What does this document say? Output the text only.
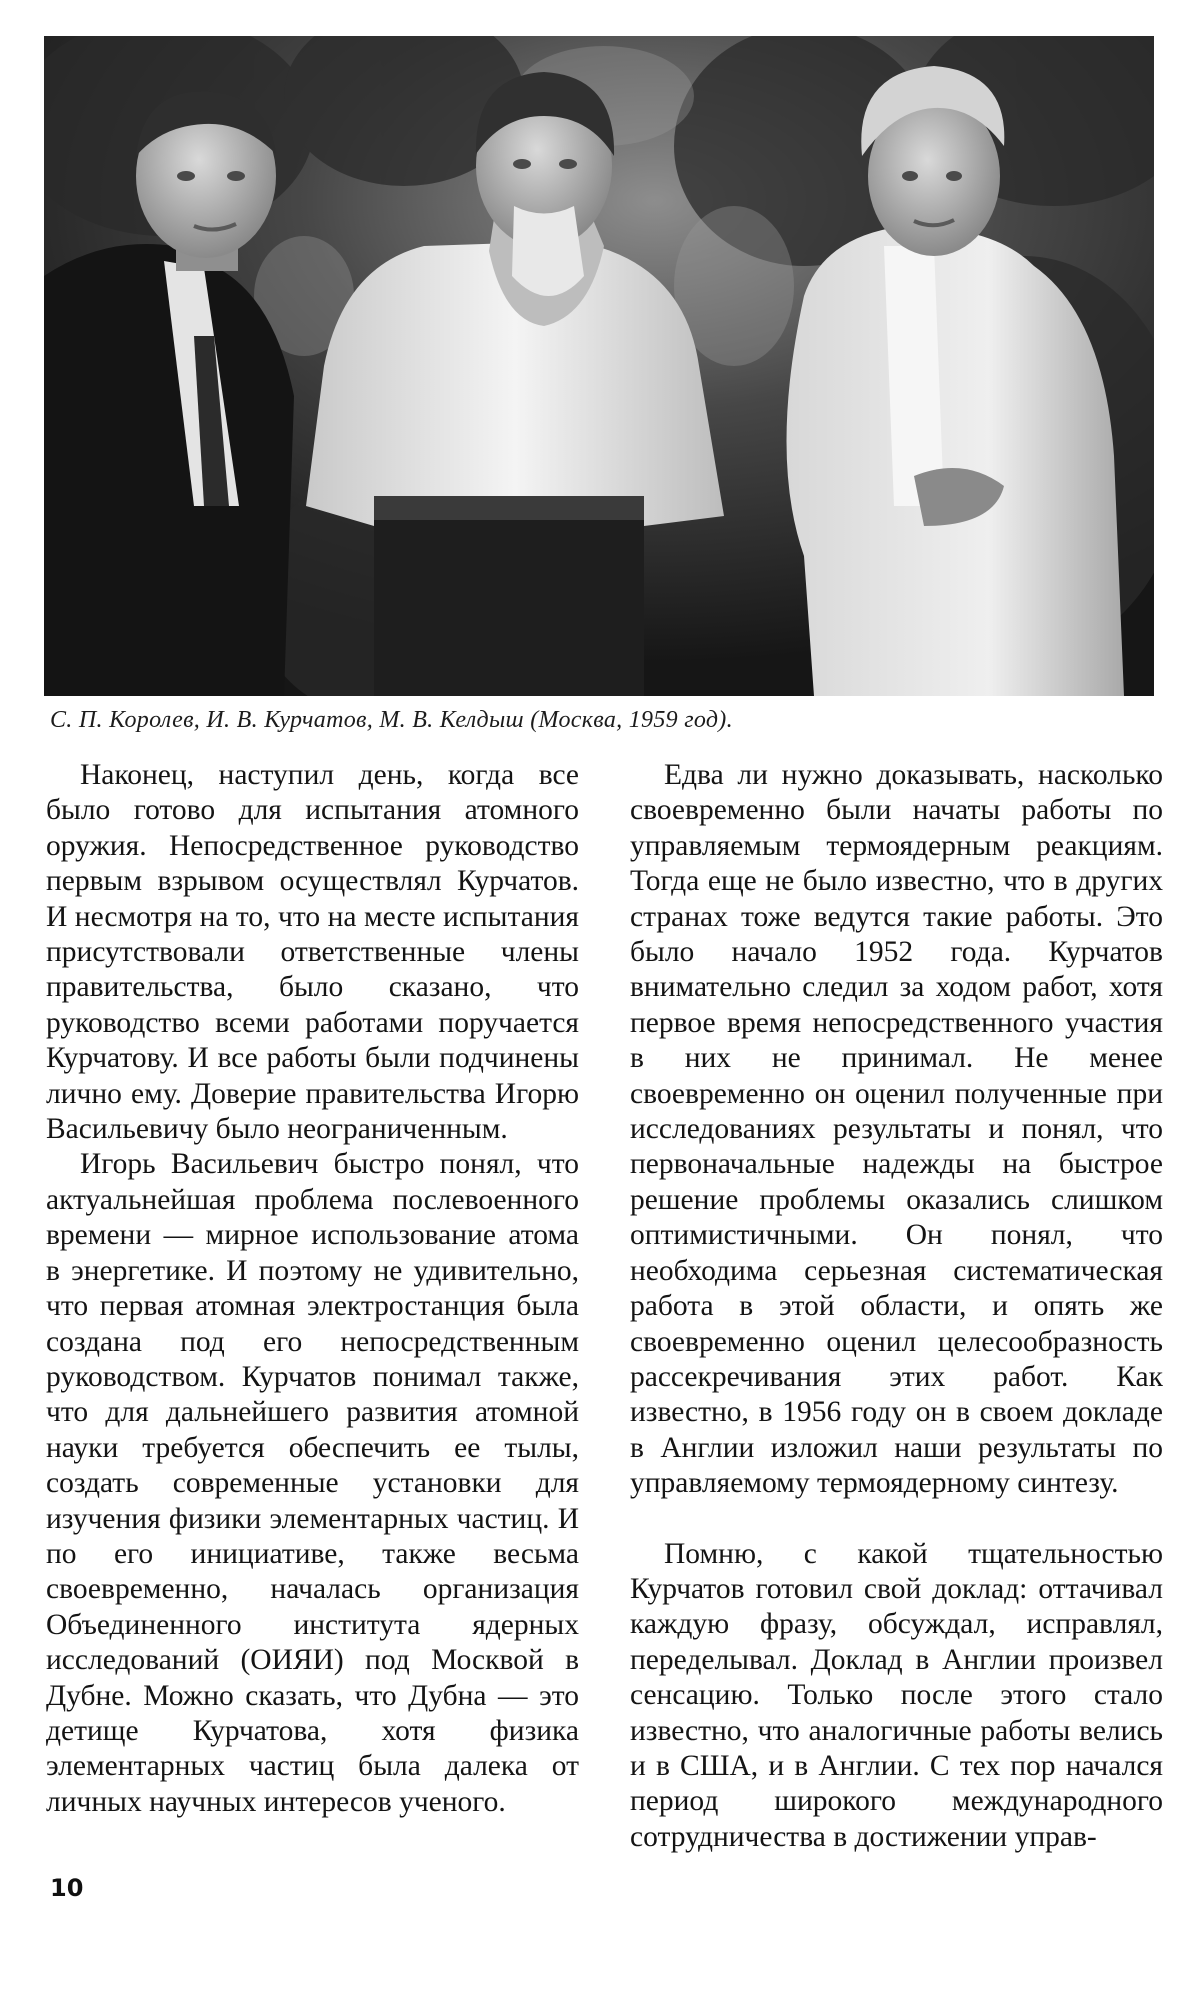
С. П. Королев, И. В. Курчатов, М. В. Келдыш (Москва, 1959 год).

Наконец, наступил день, когда все было готово для испытания атомного оружия. Непосредственное руководство первым взрывом осуществлял Курчатов. И несмотря на то, что на месте испытания присутствовали ответственные члены правительства, было сказано, что руководство всеми работами поручается Курчатову. И все работы были подчинены лично ему. Доверие правительства Игорю Васильевичу было неограниченным.

Игорь Васильевич быстро понял, что актуальнейшая проблема послевоенного времени — мирное использование атома в энергетике. И поэтому не удивительно, что первая атомная электростанция была создана под его непосредственным руководством. Курчатов понимал также, что для дальнейшего развития атомной науки требуется обеспечить ее тылы, создать современные установки для изучения физики элементарных частиц. И по его инициативе, также весьма своевременно, началась организация Объединенного института ядерных исследований (ОИЯИ) под Москвой в Дубне. Можно сказать, что Дубна — это детище Курчатова, хотя физика элементарных частиц была далека от личных научных интересов ученого.

Едва ли нужно доказывать, насколько своевременно были начаты работы по управляемым термоядерным реакциям. Тогда еще не было известно, что в других странах тоже ведутся такие работы. Это было начало 1952 года. Курчатов внимательно следил за ходом работ, хотя первое время непосредственного участия в них не принимал. Не менее своевременно он оценил полученные при исследованиях результаты и понял, что первоначальные надежды на быстрое решение проблемы оказались слишком оптимистичными. Он понял, что необходима серьезная систематическая работа в этой области, и опять же своевременно оценил целесообразность рассекречивания этих работ. Как известно, в 1956 году он в своем докладе в Англии изложил наши результаты по управляемому термоядерному синтезу.

Помню, с какой тщательностью Курчатов готовил свой доклад: оттачивал каждую фразу, обсуждал, исправлял, переделывал. Доклад в Англии произвел сенсацию. Только после этого стало известно, что аналогичные работы велись и в США, и в Англии. С тех пор начался период широкого международного сотрудничества в достижении управ-

10
